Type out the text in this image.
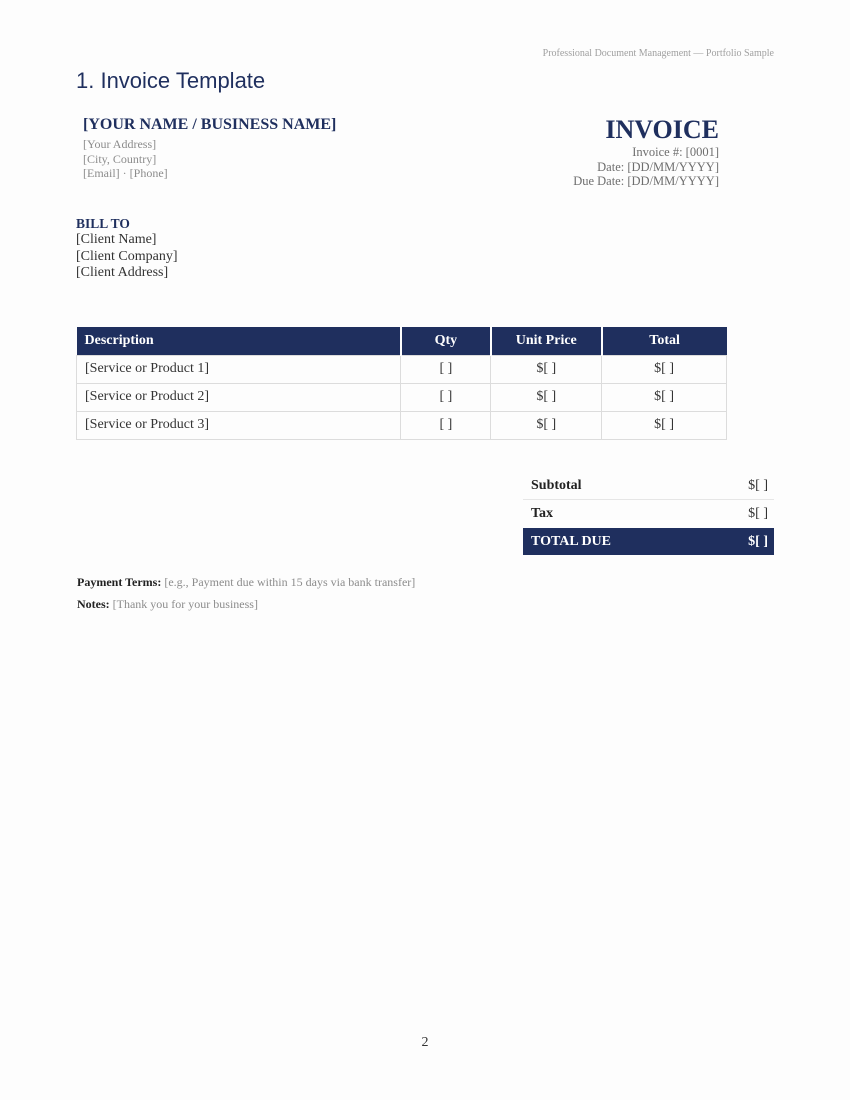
Professional Document Management — Portfolio Sample
1. Invoice Template
[YOUR NAME / BUSINESS NAME]
[Your Address]
[City, Country]
[Email] · [Phone]
INVOICE
Invoice #: [0001]
Date: [DD/MM/YYYY]
Due Date: [DD/MM/YYYY]
BILL TO
[Client Name]
[Client Company]
[Client Address]
Description	Qty	Unit Price	Total
[Service or Product 1]	[ ]	$[ ]	$[ ]
[Service or Product 2]	[ ]	$[ ]	$[ ]
[Service or Product 3]	[ ]	$[ ]	$[ ]
Subtotal	$[ ]
Tax	$[ ]
TOTAL DUE	$[ ]
Payment Terms: [e.g., Payment due within 15 days via bank transfer]
Notes: [Thank you for your business]
2
